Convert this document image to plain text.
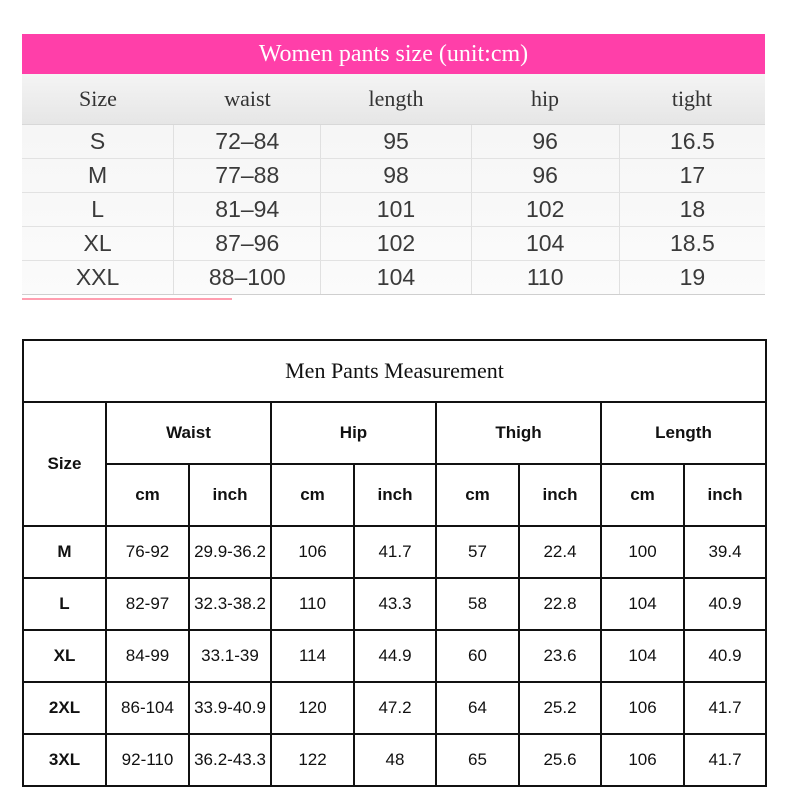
Women pants size (unit:cm)
Size	waist	length	hip	tight
S	72–84	95	96	16.5
M	77–88	98	96	17
L	81–94	101	102	18
XL	87–96	102	104	18.5
XXL	88–100	104	110	19
Men Pants Measurement								
Size	Waist		Hip		Thigh		Length	
	cm	inch	cm	inch	cm	inch	cm	inch
M	76-92	29.9-36.2	106	41.7	57	22.4	100	39.4
L	82-97	32.3-38.2	110	43.3	58	22.8	104	40.9
XL	84-99	33.1-39	114	44.9	60	23.6	104	40.9
2XL	86-104	33.9-40.9	120	47.2	64	25.2	106	41.7
3XL	92-110	36.2-43.3	122	48	65	25.6	106	41.7
